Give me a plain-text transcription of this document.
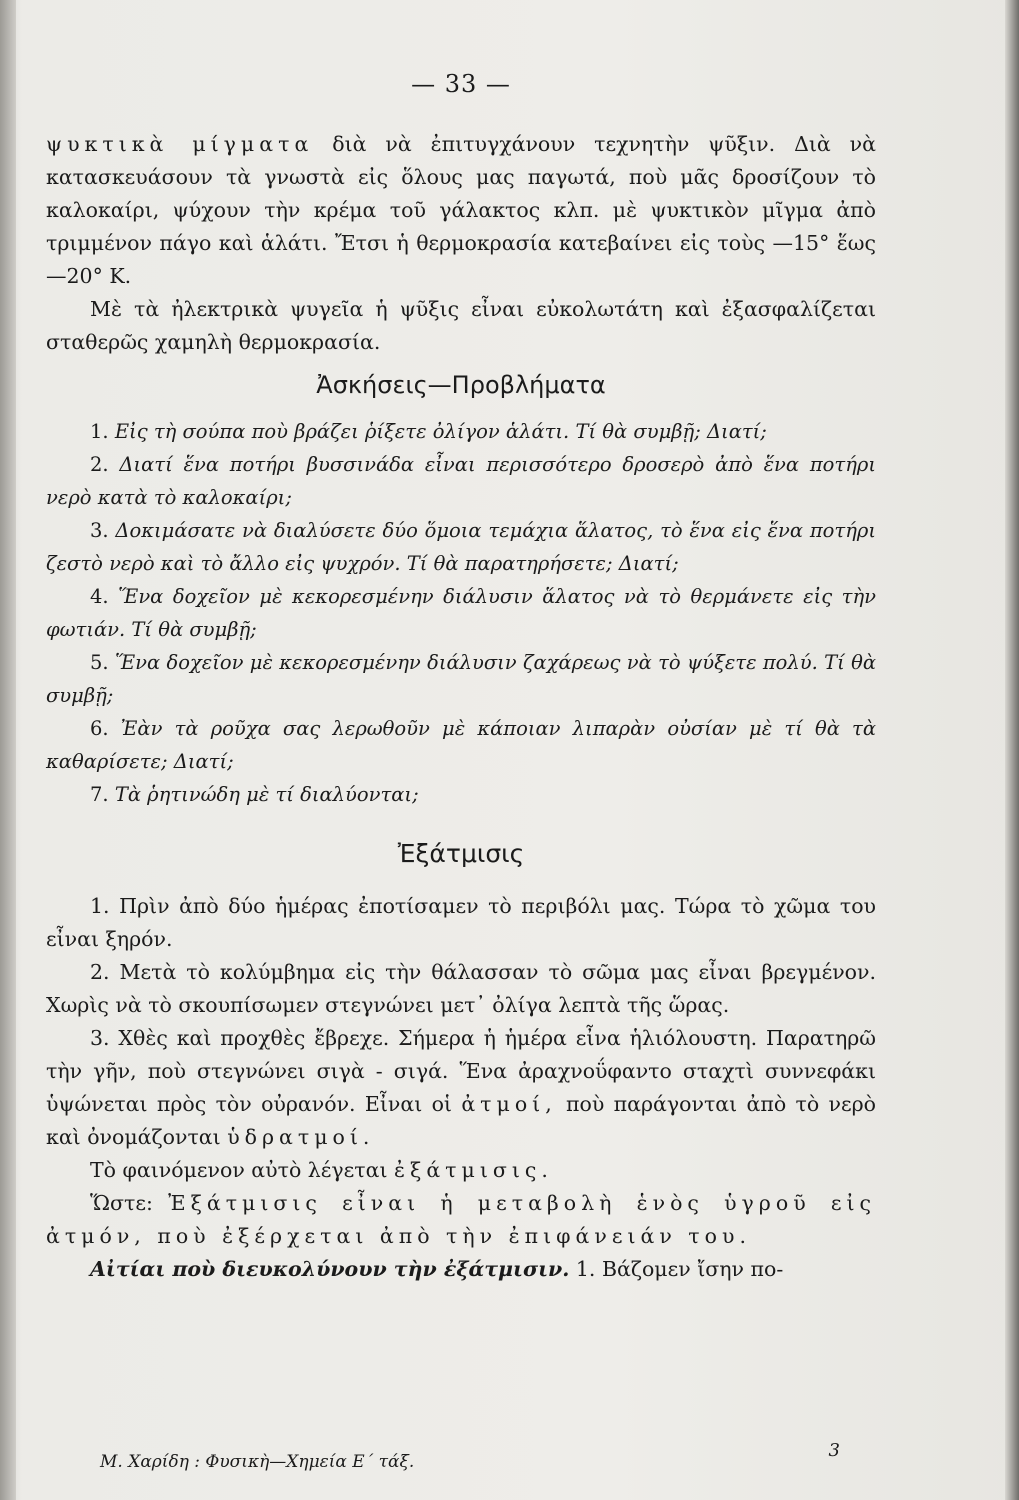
— 33 —

ψυκτικὰ μίγματα διὰ νὰ ἐπιτυγχάνουν τεχνητὴν ψῦξιν. Διὰ νὰ κατασκευάσουν τὰ γνωστὰ εἰς ὅλους μας παγωτά, ποὺ μᾶς δροσίζουν τὸ καλοκαίρι, ψύχουν τὴν κρέμα τοῦ γάλακτος κλπ. μὲ ψυκτικὸν μῖγμα ἀπὸ τριμμένον πάγο καὶ ἁλάτι. Ἔτσι ἡ θερμοκρασία κατεβαίνει εἰς τοὺς —15° ἕως —20° Κ.

Μὲ τὰ ἠλεκτρικὰ ψυγεῖα ἡ ψῦξις εἶναι εὐκολωτάτη καὶ ἐξασφαλίζεται σταθερῶς χαμηλὴ θερμοκρασία.

Ἀσκήσεις—Προβλήματα
1. Εἰς τὴ σούπα ποὺ βράζει ῥίξετε ὀλίγον ἁλάτι. Τί θὰ συμβῇ; Διατί;
2. Διατί ἕνα ποτήρι βυσσινάδα εἶναι περισσότερο δροσερὸ ἀπὸ ἕνα ποτήρι νερὸ κατὰ τὸ καλοκαίρι;
3. Δοκιμάσατε νὰ διαλύσετε δύο ὅμοια τεμάχια ἅλατος, τὸ ἕνα εἰς ἕνα ποτήρι ζεστὸ νερὸ καὶ τὸ ἄλλο εἰς ψυχρόν. Τί θὰ παρατηρήσετε; Διατί;
4. Ἕνα δοχεῖον μὲ κεκορεσμένην διάλυσιν ἅλατος νὰ τὸ θερμάνετε εἰς τὴν φωτιάν. Τί θὰ συμβῇ;
5. Ἕνα δοχεῖον μὲ κεκορεσμένην διάλυσιν ζαχάρεως νὰ τὸ ψύξετε πολύ. Τί θὰ συμβῇ;
6. Ἐὰν τὰ ροῦχα σας λερωθοῦν μὲ κάποιαν λιπαρὰν οὐσίαν μὲ τί θὰ τὰ καθαρίσετε; Διατί;
7. Τὰ ῥητινώδη μὲ τί διαλύονται;
Ἐξάτμισις

1. Πρὶν ἀπὸ δύο ἡμέρας ἐποτίσαμεν τὸ περιβόλι μας. Τώρα τὸ χῶμα του εἶναι ξηρόν.

2. Μετὰ τὸ κολύμβημα εἰς τὴν θάλασσαν τὸ σῶμα μας εἶναι βρεγμένον. Χωρὶς νὰ τὸ σκουπίσωμεν στεγνώνει μετ᾽ ὀλίγα λεπτὰ τῆς ὥρας.

3. Χθὲς καὶ προχθὲς ἔβρεχε. Σήμερα ἡ ἡμέρα εἶνα ἡλιόλουστη. Παρατηρῶ τὴν γῆν, ποὺ στεγνώνει σιγὰ - σιγά. Ἕνα ἀραχνοΰφαντο σταχτὶ συννεφάκι ὑψώνεται πρὸς τὸν οὐρανόν. Εἶναι οἱ ἀτμοί, ποὺ παράγονται ἀπὸ τὸ νερὸ καὶ ὀνομάζονται ὑδρατμοί.

Τὸ φαινόμενον αὐτὸ λέγεται ἐξάτμισις.

Ὥστε: Ἐξάτμισις εἶναι ἡ μεταβολὴ ἑνὸς ὑγροῦ εἰς ἀτμόν, ποὺ ἐξέρχεται ἀπὸ τὴν ἐπιφάνειάν του.

Αἰτίαι ποὺ διευκολύνουν τὴν ἐξάτμισιν. 1. Βάζομεν ἴσην πο-

Μ. Χαρίδη : Φυσικὴ—Χημεία Ε΄ τάξ.
3
